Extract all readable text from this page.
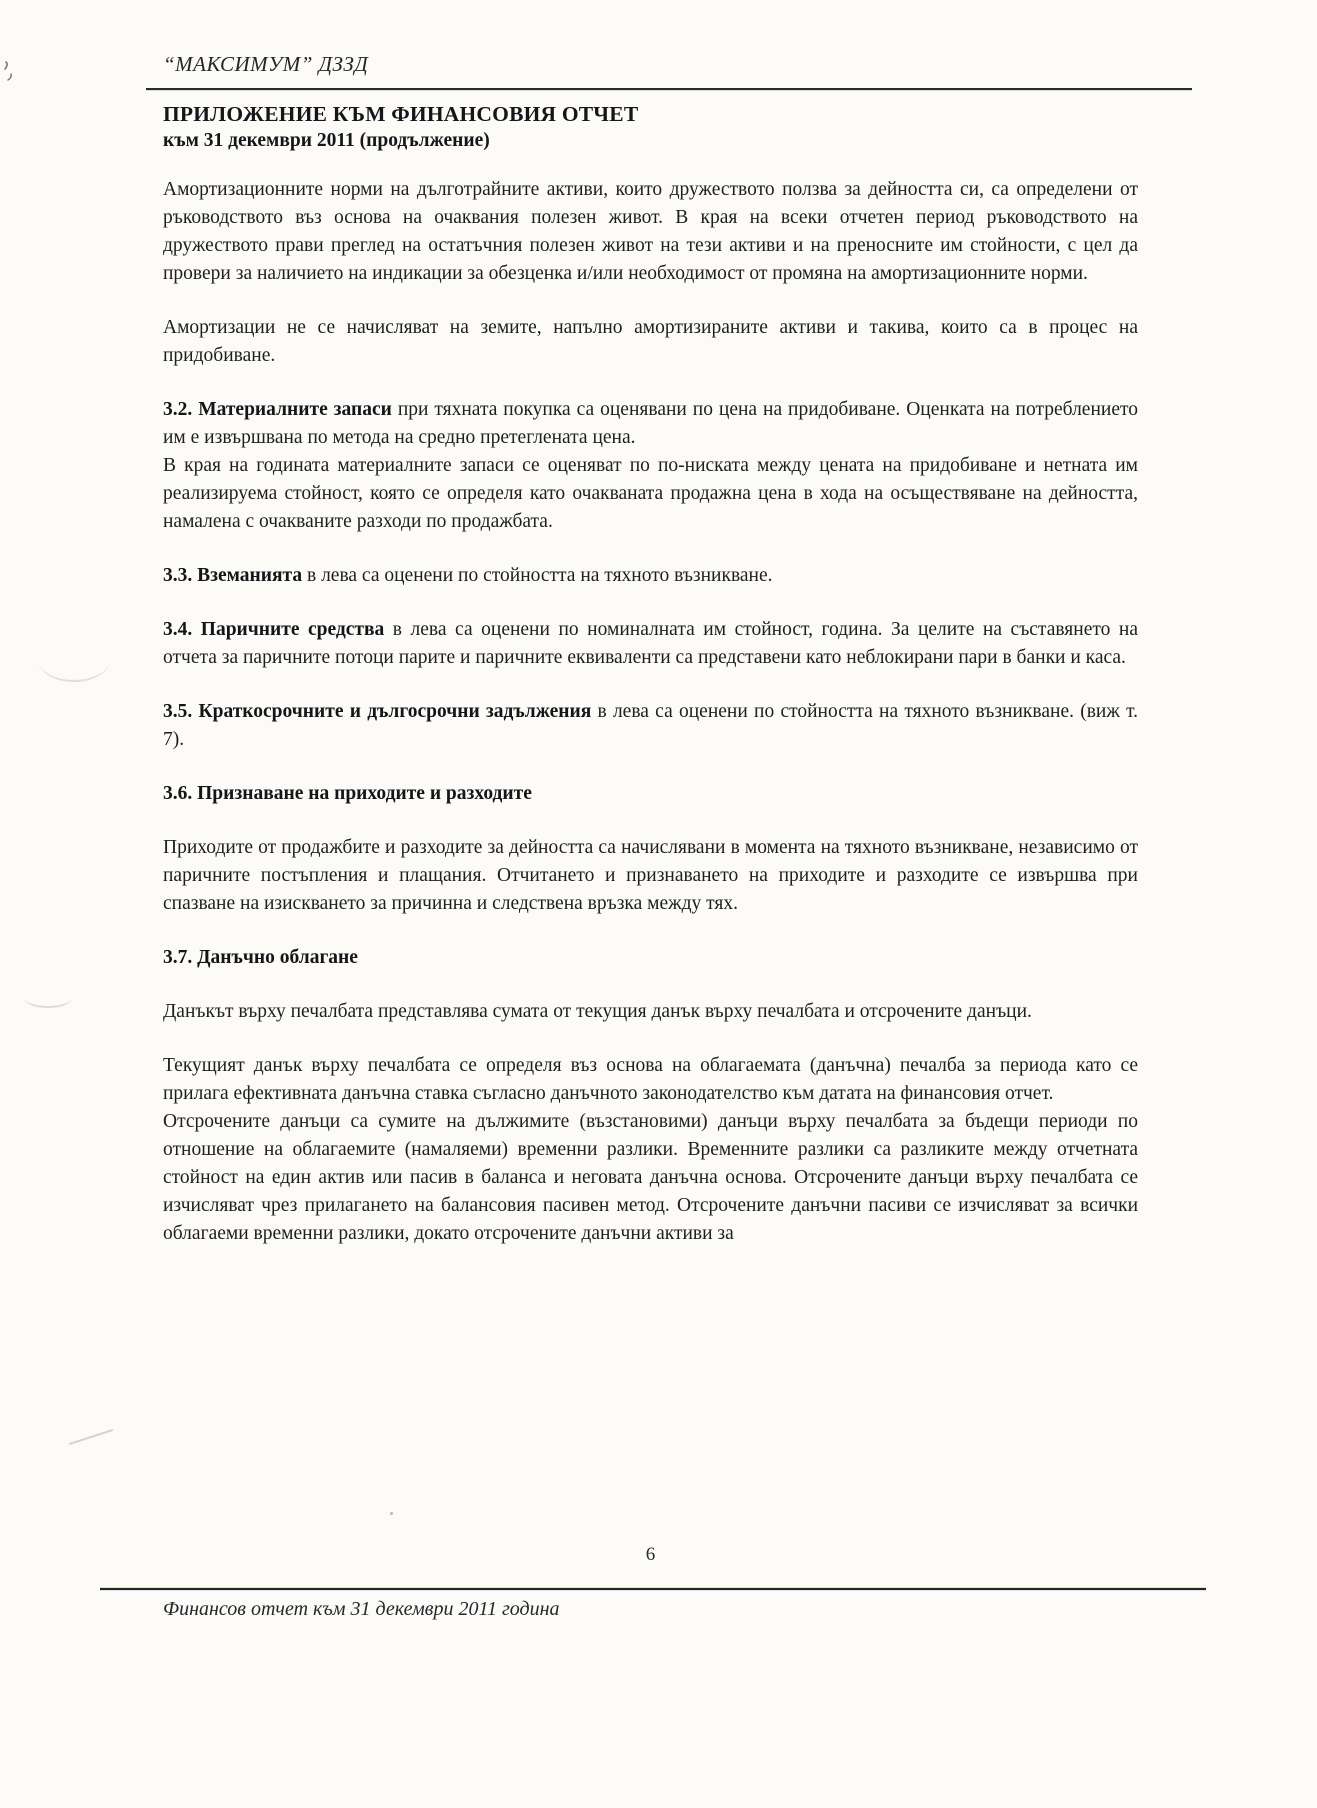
“МАКСИМУМ” ДЗЗД

ПРИЛОЖЕНИЕ КЪМ ФИНАНСОВИЯ ОТЧЕТ

към 31 декември 2011 (продължение)

Амортизационните норми на дълготрайните активи, които дружеството ползва за дейността си, са определени от ръководството въз основа на очаквания полезен живот. В края на всеки отчетен период ръководството на дружеството прави преглед на остатъчния полезен живот на тези активи и на преносните им стойности, с цел да провери за наличието на индикации за обезценка и/или необходимост от промяна на амортизационните норми.

Амортизации не се начисляват на земите, напълно амортизираните активи и такива, които са в процес на придобиване.

3.2. Материалните запаси при тяхната покупка са оценявани по цена на придобиване. Оценката на потреблението им е извършвана по метода на средно претеглената цена.

В края на годината материалните запаси се оценяват по по-ниската между цената на придобиване и нетната им реализируема стойност, която се определя като очакваната продажна цена в хода на осъществяване на дейността, намалена с очакваните разходи по продажбата.

3.3. Вземанията в лева са оценени по стойността на тяхното възникване.

3.4. Паричните средства в лева са оценени по номиналната им стойност, година. За целите на съставянето на отчета за паричните потоци парите и паричните еквиваленти са представени като неблокирани пари в банки и каса.

3.5. Краткосрочните и дългосрочни задължения в лева са оценени по стойността на тяхното възникване. (виж т. 7).

3.6. Признаване на приходите и разходите

Приходите от продажбите и разходите за дейността са начислявани в момента на тяхното възникване, независимо от паричните постъпления и плащания. Отчитането и признаването на приходите и разходите се извършва при спазване на изискването за причинна и следствена връзка между тях.

3.7. Данъчно облагане

Данъкът върху печалбата представлява сумата от текущия данък върху печалбата и отсрочените данъци.

Текущият данък върху печалбата се определя въз основа на облагаемата (данъчна) печалба за периода като се прилага ефективната данъчна ставка съгласно данъчното законодателство към датата на финансовия отчет.

Отсрочените данъци са сумите на дължимите (възстановими) данъци върху печалбата за бъдещи периоди по отношение на облагаемите (намаляеми) временни разлики. Временните разлики са разликите между отчетната стойност на един актив или пасив в баланса и неговата данъчна основа. Отсрочените данъци върху печалбата се изчисляват чрез прилагането на балансовия пасивен метод. Отсрочените данъчни пасиви се изчисляват за всички облагаеми временни разлики, докато отсрочените данъчни активи за

6
Финансов отчет към 31 декември 2011 година
